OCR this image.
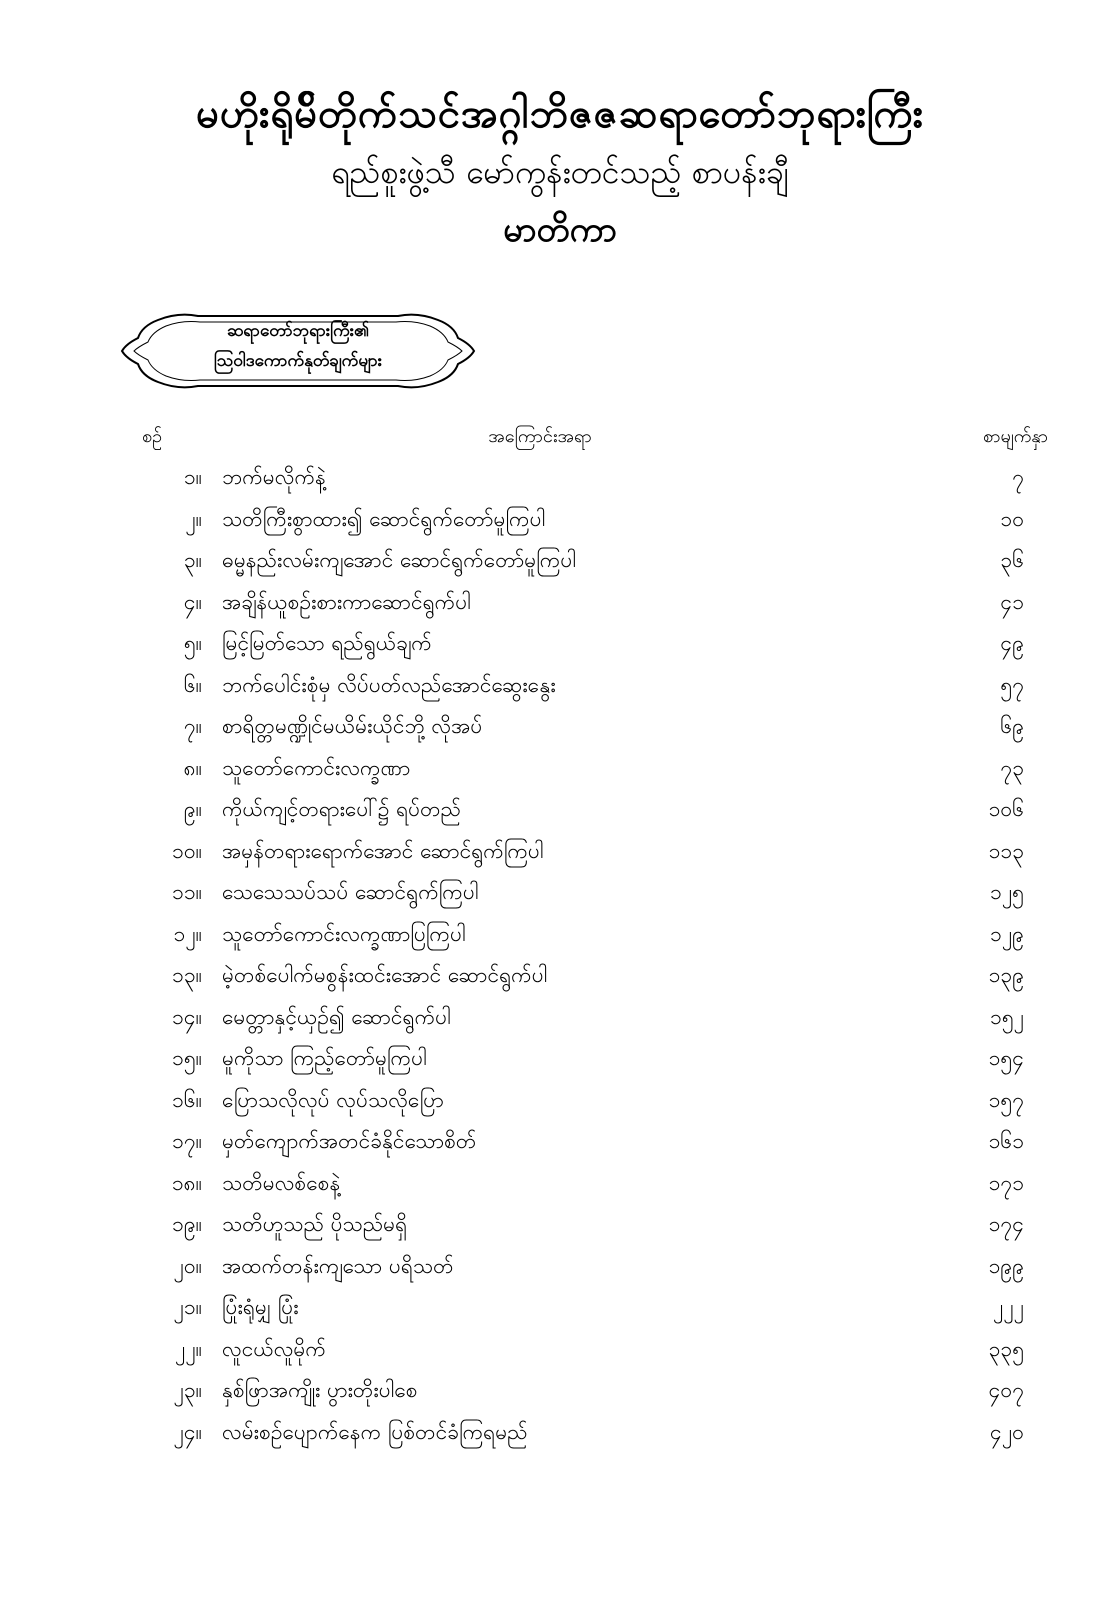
မဟိုးရိုမ်ိတိုက်သင်အဂ္ဂါဘိဇဇဆရာတော်ဘုရားကြီး
ရည်စူးဖွဲ့သီ မော်ကွန်းတင်သည့် စာပန်းချီ
မာတိကာ
ဆရာတော်ဘုရားကြီး၏
ဩဝါဒကောက်နုတ်ချက်များ
စဉ်	အကြောင်းအရာ	စာမျက်နှာ
၁။ ဘက်မလိုက်နဲ့	၇
၂။ သတိကြီးစွာထား၍ ဆောင်ရွက်တော်မူကြပါ	၁၀
၃။ ဓမ္မနည်းလမ်းကျအောင် ဆောင်ရွက်တော်မူကြပါ	၃၆
၄။ အချိန်ယူစဉ်းစားကာဆောင်ရွက်ပါ	၄၁
၅။ မြင့်မြတ်သော ရည်ရွယ်ချက်	၄၉
၆။ ဘက်ပေါင်းစုံမှ လိပ်ပတ်လည်အောင်ဆွေးနွေး	၅၇
၇။ စာရိတ္တမဏ္ဍိုင်မယိမ်းယိုင်ဘို့ လိုအပ်	၆၉
၈။ သူတော်ကောင်းလက္ခဏာ	၇၃
၉။ ကိုယ်ကျင့်တရားပေါ်၌ ရပ်တည်	၁၀၆
၁၀။ အမှန်တရားရောက်အောင် ဆောင်ရွက်ကြပါ	၁၁၃
၁၁။ သေသေသပ်သပ် ဆောင်ရွက်ကြပါ	၁၂၅
၁၂။ သူတော်ကောင်းလက္ခဏာပြကြပါ	၁၂၉
၁၃။ မဲ့တစ်ပေါက်မစွန်းထင်းအောင် ဆောင်ရွက်ပါ	၁၃၉
၁၄။ မေတ္တာနှင့်ယှဉ်၍ ဆောင်ရွက်ပါ	၁၅၂
၁၅။ မူကိုသာ ကြည့်တော်မူကြပါ	၁၅၄
၁၆။ ပြောသလိုလုပ် လုပ်သလိုပြော	၁၅၇
၁၇။ မှတ်ကျောက်အတင်ခံနိုင်သောစိတ်	၁၆၁
၁၈။ သတိမလစ်စေနဲ့	၁၇၁
၁၉။ သတိဟူသည် ပိုသည်မရှိ	၁၇၄
၂၀။ အထက်တန်းကျသော ပရိသတ်	၁၉၉
၂၁။ ပြုံးရုံမျှ ပြုံး	၂၂၂
၂၂။ လူငယ်လူမိုက်	၃၃၅
၂၃။ နှစ်ဖြာအကျိုး ပွားတိုးပါစေ	၄၀၇
၂၄။ လမ်းစဉ်ပျောက်နေက ပြစ်တင်ခံကြရမည်	၄၂၀
